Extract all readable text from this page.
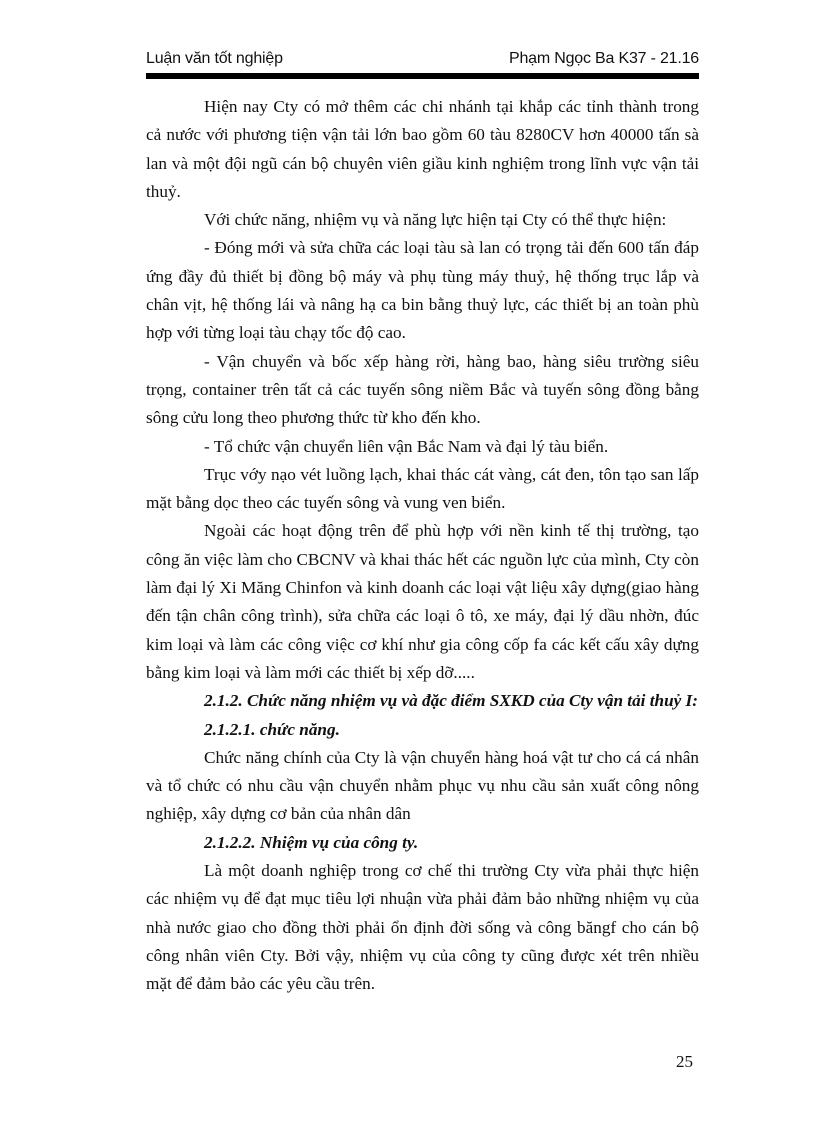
Luận văn tốt nghiệp	Phạm Ngọc Ba K37 - 21.16

Hiện nay Cty có mở thêm các chi nhánh tại khắp các tỉnh thành trong cả nước với phương tiện vận tải lớn bao gồm 60 tàu 8280CV hơn 40000 tấn sà lan và một đội ngũ cán bộ chuyên viên giầu kinh nghiệm trong lĩnh vực vận tải thuỷ.

Với chức năng, nhiệm vụ và năng lực hiện tại Cty có thể thực hiện:

- Đóng mới và sửa chữa các loại tàu sà lan có trọng tải đến 600 tấn đáp ứng đầy đủ thiết bị đồng bộ máy và phụ tùng máy thuỷ, hệ thống trục lắp và chân vịt, hệ thống lái và nâng hạ ca bin bằng thuỷ lực, các thiết bị an toàn phù hợp với từng loại tàu chạy tốc độ cao.

- Vận chuyển và bốc xếp hàng rời, hàng bao, hàng siêu trường siêu trọng, container trên tất cả các tuyến sông niềm Bắc và tuyến sông đồng bằng sông cửu long theo phương thức từ kho đến kho.

- Tổ chức vận chuyển liên vận Bắc Nam và đại lý tàu biển.

Trục vớy nạo vét luồng lạch, khai thác cát vàng, cát đen, tôn tạo san lấp mặt bằng dọc theo các tuyến sông và vung ven biển.

Ngoài các hoạt động trên để phù hợp với nền kinh tế thị trường, tạo công ăn việc làm cho CBCNV và khai thác hết các nguồn lực của mình, Cty còn làm đại lý Xi Măng Chinfon và kinh doanh các loại vật liệu xây dựng(giao hàng đến tận chân công trình), sửa chữa các loại ô tô, xe máy, đại lý dầu nhờn, đúc kim loại và làm các công việc cơ khí như gia công cốp fa các kết cấu xây dựng bằng kim loại và làm mới các thiết bị xếp dỡ.....

2.1.2. Chức năng nhiệm vụ và đặc điểm SXKD của Cty vận tải thuỷ I:

2.1.2.1. chức năng.

Chức năng chính của Cty là vận chuyển hàng hoá vật tư cho cá cá nhân và tổ chức có nhu cầu vận chuyển nhằm phục vụ nhu cầu sản xuất công nông nghiệp, xây dựng cơ bản của nhân dân

2.1.2.2. Nhiệm vụ của công ty.

Là một doanh nghiệp trong cơ chế thi trường Cty vừa phải thực hiện các nhiệm vụ để đạt mục tiêu lợi nhuận vừa phải đảm bảo những nhiệm vụ của nhà nước giao cho đồng thời phải ổn định đời sống và công băngf cho cán bộ công nhân viên Cty. Bởi vậy, nhiệm vụ của công ty cũng được xét trên nhiều mặt để đảm bảo các yêu cầu trên.

25
